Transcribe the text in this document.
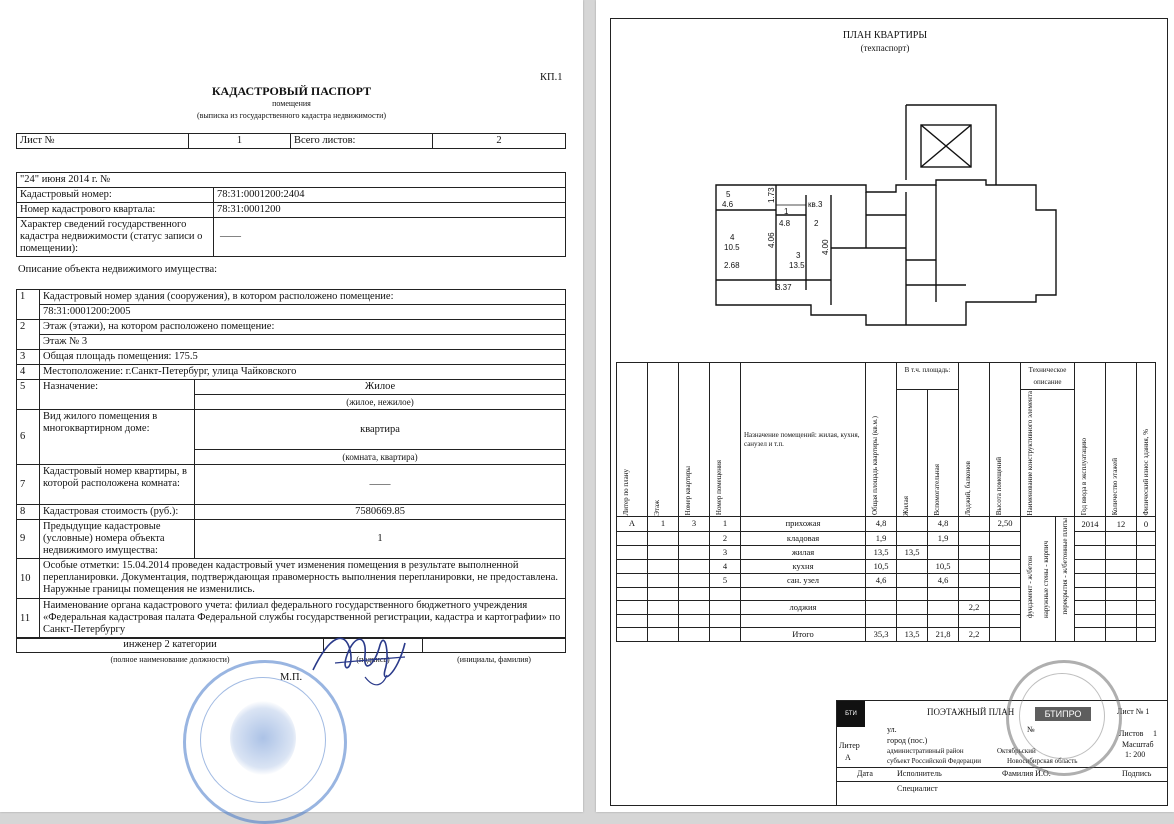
КП.1
КАДАСТРОВЫЙ ПАСПОРТ
помещения
(выписка из государственного кадастра недвижимости)
Лист №	1	Всего листов:	2
"24" июня 2014 г. №	
Кадастровый номер:	78:31:0001200:2404
Номер кадастрового квартала:	78:31:0001200
Характер сведений государственного кадастра недвижимости (статус записи о помещении):	——
Описание объекта недвижимого имущества:
1	Кадастровый номер здания (сооружения), в котором расположено помещение:	
	78:31:0001200:2005	
2	Этаж (этажи), на котором расположено помещение:	
	Этаж № 3	
3	Общая площадь помещения: 175.5	
4	Местоположение: г.Санкт-Петербург, улица Чайковского	
5	Назначение:	Жилое
		(жилое, нежилое)
6	Вид жилого помещения в многоквартирном доме:	квартира
		(комната, квартира)
7	Кадастровый номер квартиры, в которой расположена комната:	——
8	Кадастровая стоимость (руб.):	7580669.85
9	Предыдущие кадастровые (условные) номера объекта недвижимого имущества:	1
10	Особые отметки: 15.04.2014 проведен кадастровый учет изменения помещения в результате выполненной перепланировки. Документация, подтверждающая правомерность выполнения перепланировки, не предоставлена. Наружные границы помещения не изменились.	
11	Наименование органа кадастрового учета: филиал федерального государственного бюджетного учреждения «Федеральная кадастровая палата Федеральной службы государственной регистрации, кадастра и картографии» по Санкт-Петербургу	
инженер 2 категории		
(полное наименование должности)	(подпись)	(инициалы, фамилия)
М.П.
ПЛАН КВАРТИРЫ
(техпаспорт)
5
4.6
1
4.8	2
кв.3
4
10.5
3
13.5
2.68
3.37
1.73
4.06	4.00
Литер по плану	Этаж	Номер квартиры	Номер помещения	Назначение помещений: жилая, кухня, санузел и т.п.	Общая площадь квартиры (кв.м.)	В т.ч. площадь:		Лоджий, балконов	Высота помещений	Техническое описание		Год ввода в эксплуатацию	Количество этажей	Физический износ здания, %

						Жилая	Вспомогательная			Наименование конструктивного элемента				

А	1	3	1	прихожая	4,8		4,8		2,50	фундамент - ж/бетон наружные стены - кирпич	перекрытия - ж/бетонные плиты	2014	12	0
			2	кладовая	1,9		1,9							
			3	жилая	13,5	13,5								
			4	кухня	10,5		10,5							
			5	сан. узел	4,6		4,6							

				лоджия				2,2						

				Итого	35,3	13,5	21,8	2,2						
БТИ	ПОЭТАЖНЫЙ ПЛАН	Лист № 1
ул.	№
город (пос.)
административный район	Октябрьский
субъект Российской Федерации	Новосибирская область
Литер
А
Листов 1
Масштаб
1: 200
Дата	Исполнитель	Фамилия И.О.	Подпись
Специалист
БТИПРО
